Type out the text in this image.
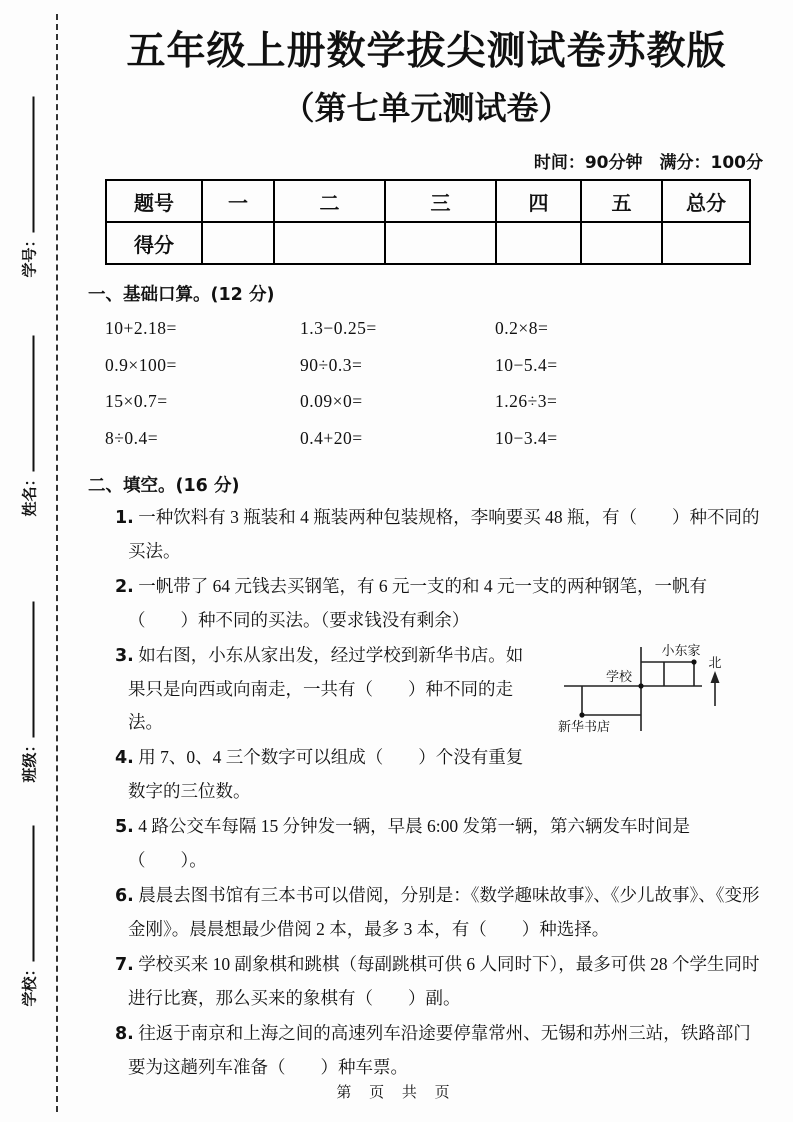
学号：
姓名：
班级：
学校：
五年级上册数学拔尖测试卷苏教版
（第七单元测试卷）
时间：90分钟　满分：100分
题号	一	二	三	四	五	总分
得分						
一、基础口算。(12 分)
10+2.18=	1.3−0.25=	0.2×8=
0.9×100=	90÷0.3=	10−5.4=
15×0.7=	0.09×0=	1.26÷3=
8÷0.4=	0.4+20=	10−3.4=
二、填空。(16 分)
1. 一种饮料有 3 瓶装和 4 瓶装两种包装规格，李响要买 48 瓶，有（　　）种不同的买法。
2. 一帆带了 64 元钱去买钢笔，有 6 元一支的和 4 元一支的两种钢笔，一帆有（　　）种不同的买法。（要求钱没有剩余）
小东家
学校
新华书店
北
3. 如右图，小东从家出发，经过学校到新华书店。如果只是向西或向南走，一共有（　　）种不同的走法。
4. 用 7、0、4 三个数字可以组成（　　）个没有重复数字的三位数。
5. 4 路公交车每隔 15 分钟发一辆，早晨 6:00 发第一辆，第六辆发车时间是（　　）。
6. 晨晨去图书馆有三本书可以借阅，分别是：《数学趣味故事》、《少儿故事》、《变形金刚》。晨晨想最少借阅 2 本，最多 3 本，有（　　）种选择。
7. 学校买来 10 副象棋和跳棋（每副跳棋可供 6 人同时下），最多可供 28 个学生同时进行比赛，那么买来的象棋有（　　）副。
8. 往返于南京和上海之间的高速列车沿途要停靠常州、无锡和苏州三站，铁路部门要为这趟列车准备（　　）种车票。
第 页 共 页
